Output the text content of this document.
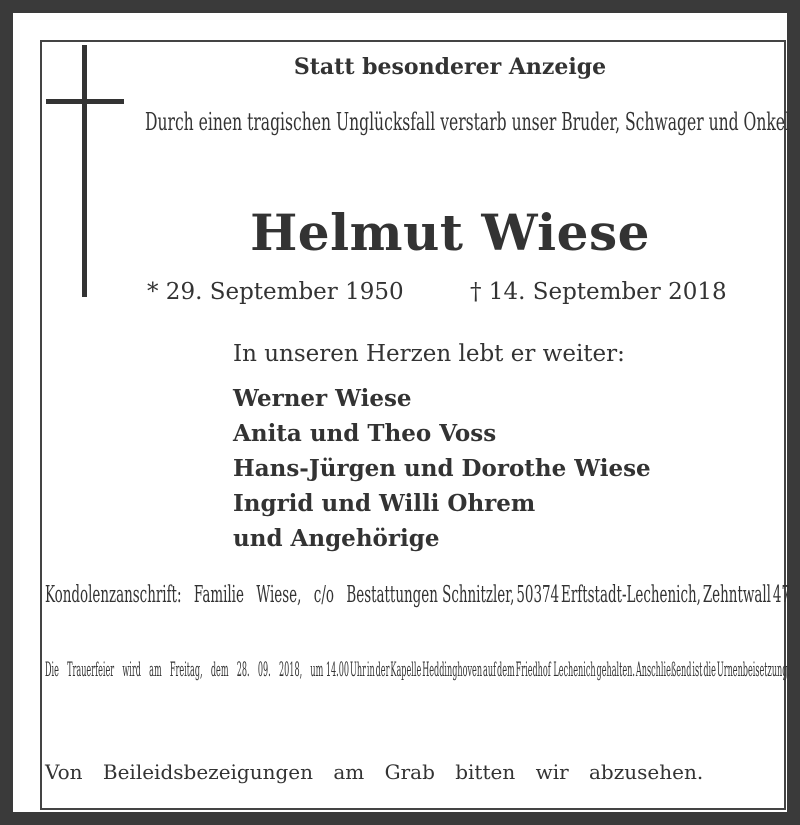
Statt besonderer Anzeige

Durch einen tragischen Unglücksfall verstarb unser Bruder, Schwager und Onkel
Helmut Wiese

* 29. September 1950	† 14. September 2018

In unseren Herzen lebt er weiter:

Werner Wiese
Anita und Theo Voss
Hans-Jürgen und Dorothe Wiese
Ingrid und Willi Ohrem
und Angehörige
Kondolenzanschrift: Familie Wiese, c/o Bestattungen Schnitzler, 50374 Erftstadt-Lechenich, Zehntwall 47
Die Trauerfeier wird am Freitag, dem 28. 09. 2018, um 14.00 Uhr in der Kapelle Heddinghoven auf dem Friedhof Lechenich gehalten. Anschließend ist die Urnenbeisetzung.

Von Beileidsbezeigungen am Grab bitten wir abzusehen.
